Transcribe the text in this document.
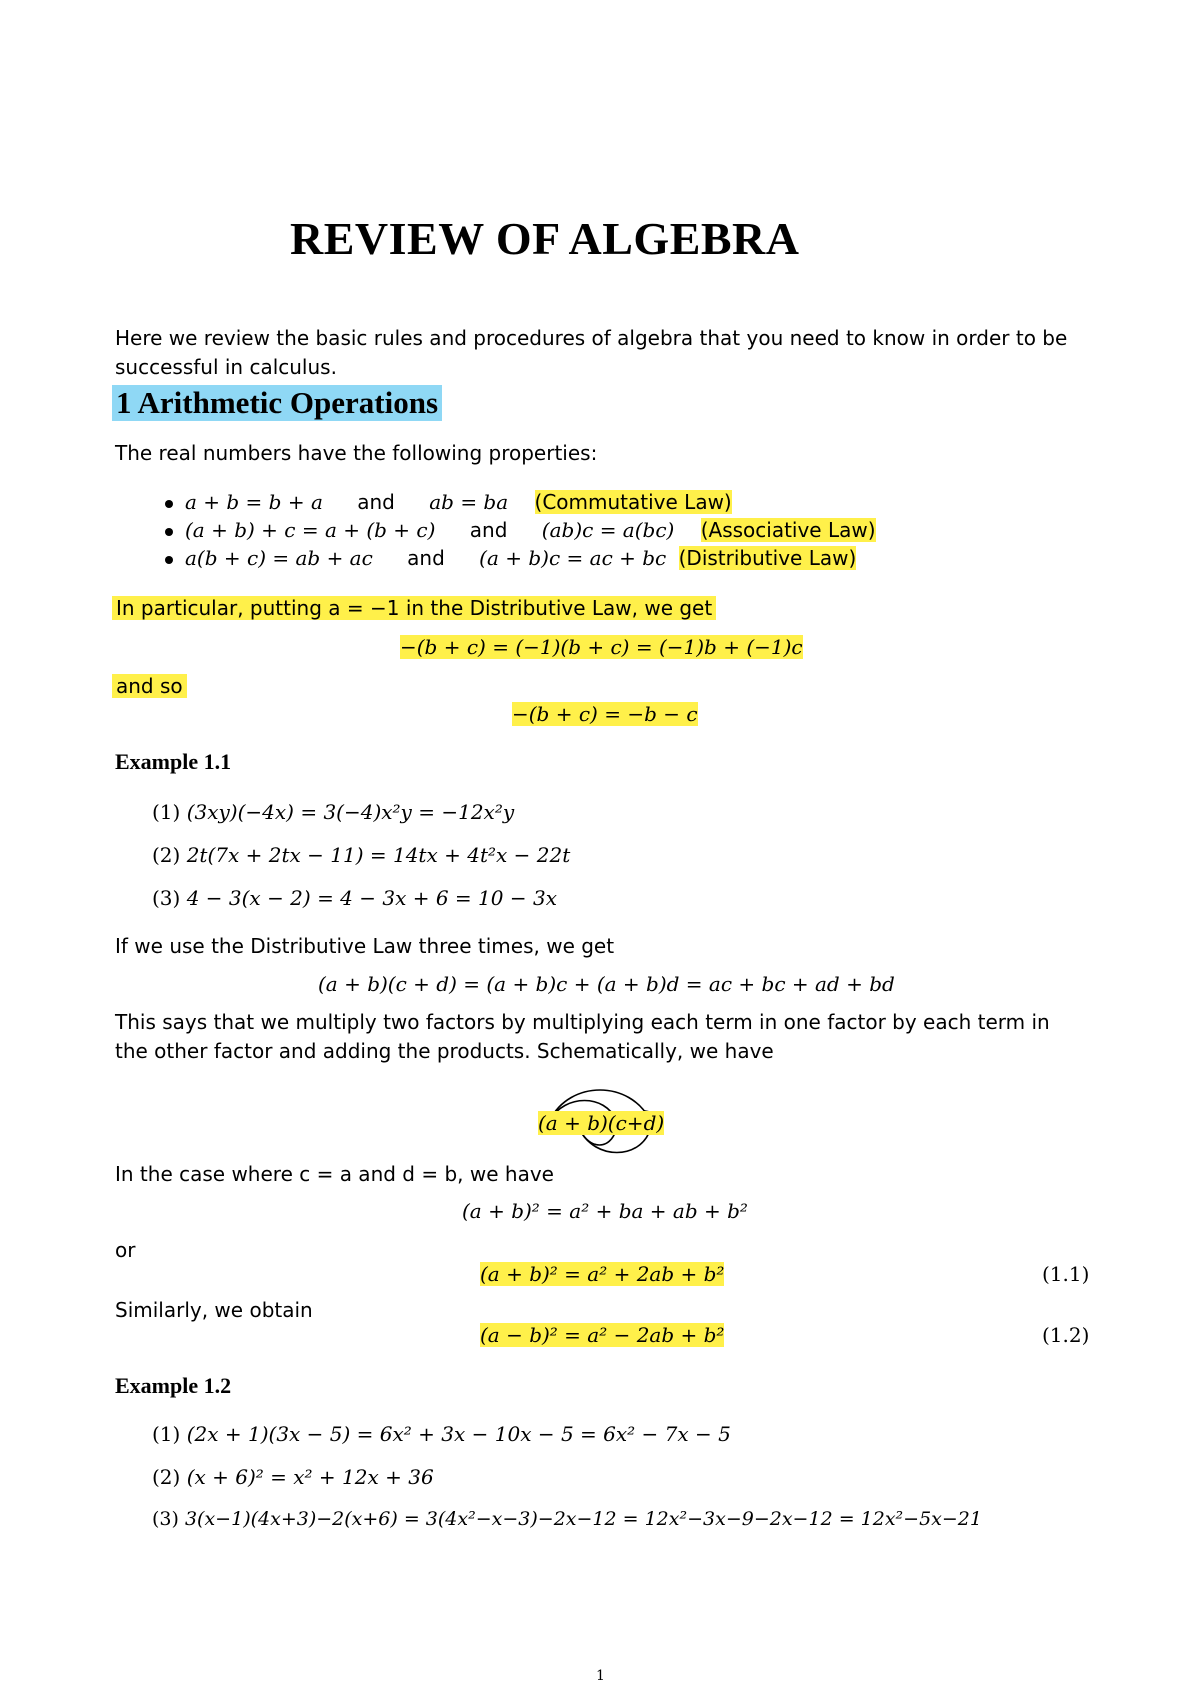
REVIEW OF ALGEBRA
Here we review the basic rules and procedures of algebra that you need to know in order to be
successful in calculus.
1 Arithmetic Operations
The real numbers have the following properties:
a + b = b + a and ab = ba (Commutative Law)
(a + b) + c = a + (b + c) and (ab)c = a(bc) (Associative Law)
a(b + c) = ab + ac and (a + b)c = ac + bc (Distributive Law)
In particular, putting a = −1 in the Distributive Law, we get
−(b + c) = (−1)(b + c) = (−1)b + (−1)c
and so
−(b + c) = −b − c
Example 1.1
(1) (3xy)(−4x) = 3(−4)x²y = −12x²y
(2) 2t(7x + 2tx − 11) = 14tx + 4t²x − 22t
(3) 4 − 3(x − 2) = 4 − 3x + 6 = 10 − 3x
If we use the Distributive Law three times, we get
(a + b)(c + d) = (a + b)c + (a + b)d = ac + bc + ad + bd
This says that we multiply two factors by multiplying each term in one factor by each term in
the other factor and adding the products. Schematically, we have
(a + b)(c+d)
In the case where c = a and d = b, we have
(a + b)² = a² + ba + ab + b²
or
(a + b)² = a² + 2ab + b²	(1.1)
Similarly, we obtain
(a − b)² = a² − 2ab + b²	(1.2)
Example 1.2
(1) (2x + 1)(3x − 5) = 6x² + 3x − 10x − 5 = 6x² − 7x − 5
(2) (x + 6)² = x² + 12x + 36
(3) 3(x−1)(4x+3)−2(x+6) = 3(4x²−x−3)−2x−12 = 12x²−3x−9−2x−12 = 12x²−5x−21
1
